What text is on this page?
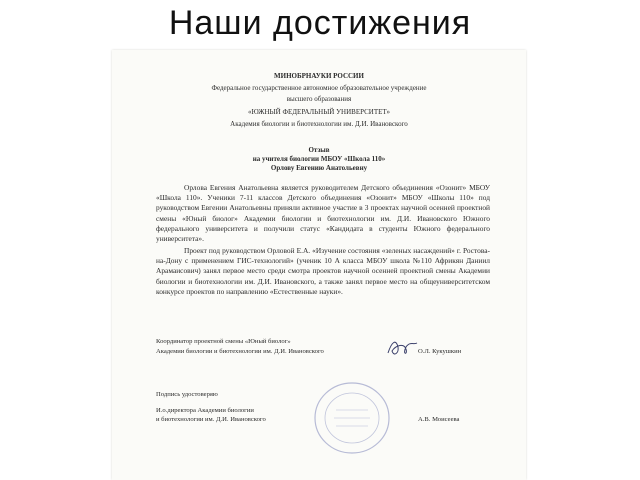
Наши достижения
МИНОБРНАУКИ РОССИИ
Федеральное государственное автономное образовательное учреждение
высшего образования
«ЮЖНЫЙ ФЕДЕРАЛЬНЫЙ УНИВЕРСИТЕТ»
Академия биологии и биотехнологии им. Д.И. Ивановского
Отзыв
на учителя биологии МБОУ «Школа 110»
Орлову Евгению Анатольевну
Орлова Евгения Анатольевна является руководителем Детского объединения «Озонит» МБОУ «Школа 110». Ученики 7-11 классов Детского объединения «Озонит» МБОУ «Школы 110» под руководством Евгении Анатольевны приняли активное участие в 3 проектах научной осенней проектной смены «Юный биолог» Академии биологии и биотехнологии им. Д.И. Ивановского Южного федерального университета и получили статус «Кандидата в студенты Южного федерального университета».
Проект под руководством Орловой Е.А. «Изучение состояния «зеленых насаждений» г. Ростова-на-Дону с применением ГИС-технологий» (ученик 10 А класса МБОУ школа №110 Африкян Даниил Арамаисович) занял первое место среди смотра проектов научной осенней проектной смены Академии биологии и биотехнологии им. Д.И. Ивановского, а также занял первое место на общеуниверситетском конкурсе проектов по направлению «Естественные науки».
Координатор проектной смены «Юный биолог»
Академии биологии и биотехнологии им. Д.И. Ивановского	О.Л. Кукушкин
Подпись удостоверяю
И.о.директора Академии биологии
и биотехнологии им. Д.И. Ивановского	А.В. Моисеева
